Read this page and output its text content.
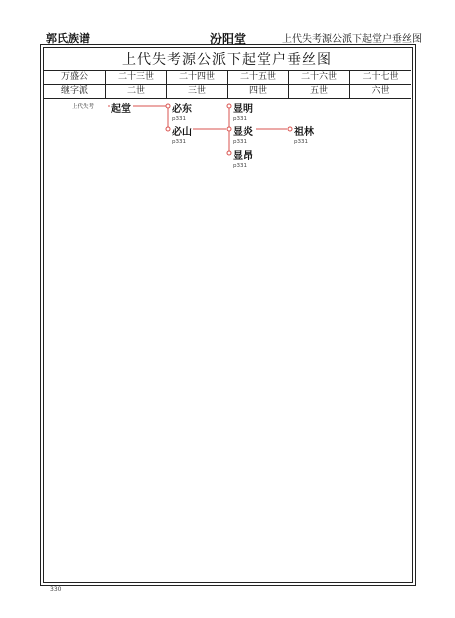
郭氏族谱	汾阳堂	上代失考源公派下起堂户垂丝图
上代失考源公派下起堂户垂丝图
万盛公	二十三世	二十四世	二十五世	二十六世	二十七世
继字派	二世	三世	四世	五世	六世
上代失考 起堂	必东
p331
必山
p331
显明
p331
显炎
p331
显昂
p331
祖林
p331
330
